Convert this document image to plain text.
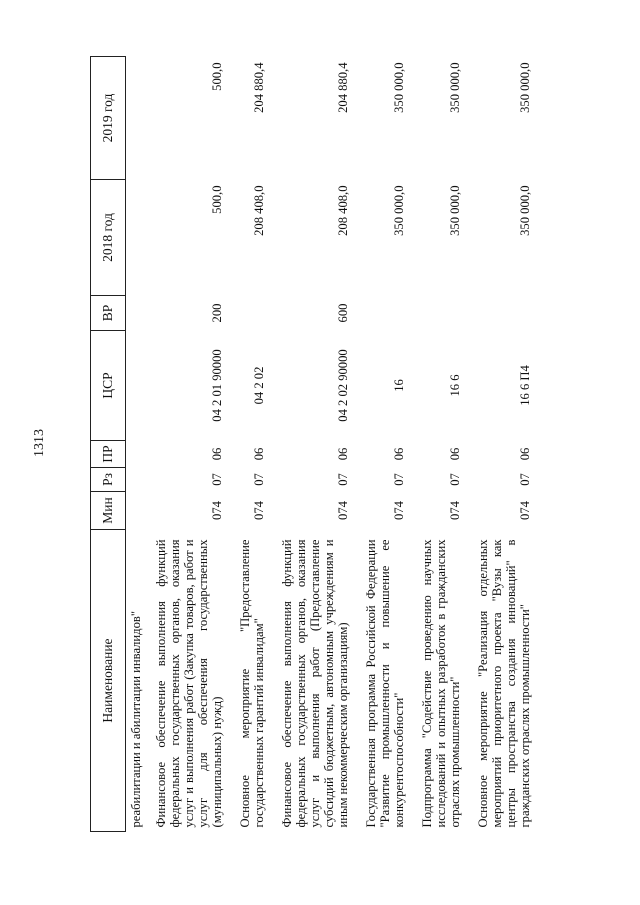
1313
Наименование	Мин	Рз	ПР	ЦСР	ВР	2018 год	2019 год
реабилитации и абилитации инвалидов"							
Финансовое обеспечение выполнения функций федеральных государственных органов, оказания услуг и выполнения работ (Закупка товаров, работ и услуг для обеспечения государственных (муниципальных) нужд)	074	07	06	04 2 01 90000	200	500,0	500,0
Основное мероприятие "Предоставление государственных гарантий инвалидам"	074	07	06	04 2 02		208 408,0	204 880,4
Финансовое обеспечение выполнения функций федеральных государственных органов, оказания услуг и выполнения работ (Предоставление субсидий бюджетным, автономным учреждениям и иным некоммерческим организациям)	074	07	06	04 2 02 90000	600	208 408,0	204 880,4
Государственная программа Российской Федерации "Развитие промышленности и повышение ее конкурентоспособности"	074	07	06	16		350 000,0	350 000,0
Подпрограмма "Содействие проведению научных исследований и опытных разработок в гражданских отраслях промышленности"	074	07	06	16 6		350 000,0	350 000,0
Основное мероприятие "Реализация отдельных мероприятий приоритетного проекта "Вузы как центры пространства создания инноваций" в гражданских отраслях промышленности"	074	07	06	16 6 П4		350 000,0	350 000,0
